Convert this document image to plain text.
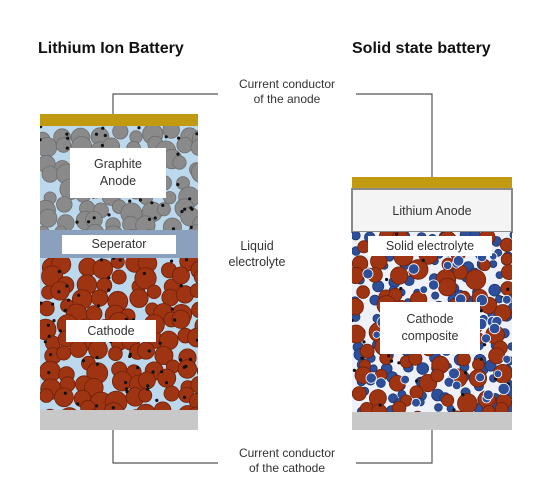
Lithium Ion Battery	Solid state battery
Current conductor
of the anode
Current conductor
of the cathode
Liquid
electrolyte
Graphite
Anode
Seperator
Cathode
Lithium Anode
Solid electrolyte
Cathode
composite
